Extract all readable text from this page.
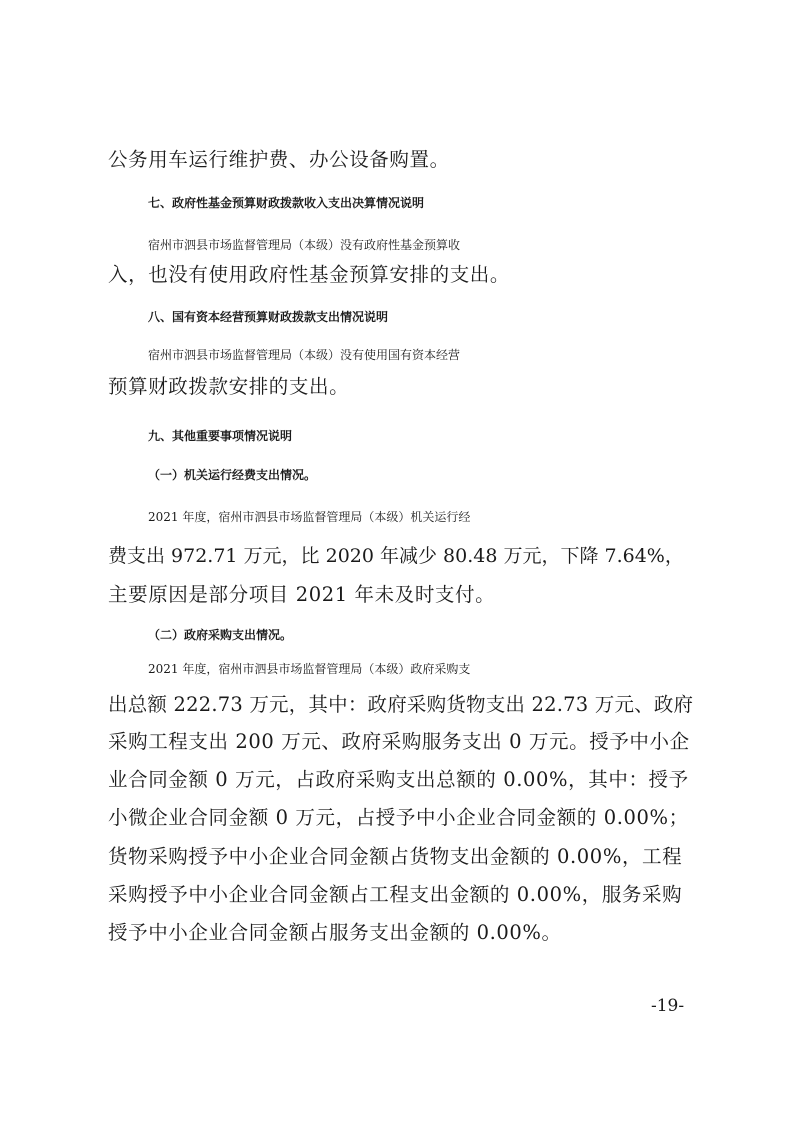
公务用车运行维护费、办公设备购置。
七、政府性基金预算财政拨款收入支出决算情况说明
宿州市泗县市场监督管理局（本级）没有政府性基金预算收
入，也没有使用政府性基金预算安排的支出。
八、国有资本经营预算财政拨款支出情况说明
宿州市泗县市场监督管理局（本级）没有使用国有资本经营
预算财政拨款安排的支出。
九、其他重要事项情况说明
（一）机关运行经费支出情况。
2021 年度，宿州市泗县市场监督管理局（本级）机关运行经
费支出 972.71 万元，比 2020 年减少 80.48 万元，下降 7.64%，
主要原因是部分项目 2021 年未及时支付。
（二）政府采购支出情况。
2021 年度，宿州市泗县市场监督管理局（本级）政府采购支
出总额 222.73 万元，其中：政府采购货物支出 22.73 万元、政府
采购工程支出 200 万元、政府采购服务支出 0 万元。授予中小企
业合同金额 0 万元，占政府采购支出总额的 0.00%，其中：授予
小微企业合同金额 0 万元，占授予中小企业合同金额的 0.00%；
货物采购授予中小企业合同金额占货物支出金额的 0.00%，工程
采购授予中小企业合同金额占工程支出金额的 0.00%，服务采购
授予中小企业合同金额占服务支出金额的 0.00%。
-19-
